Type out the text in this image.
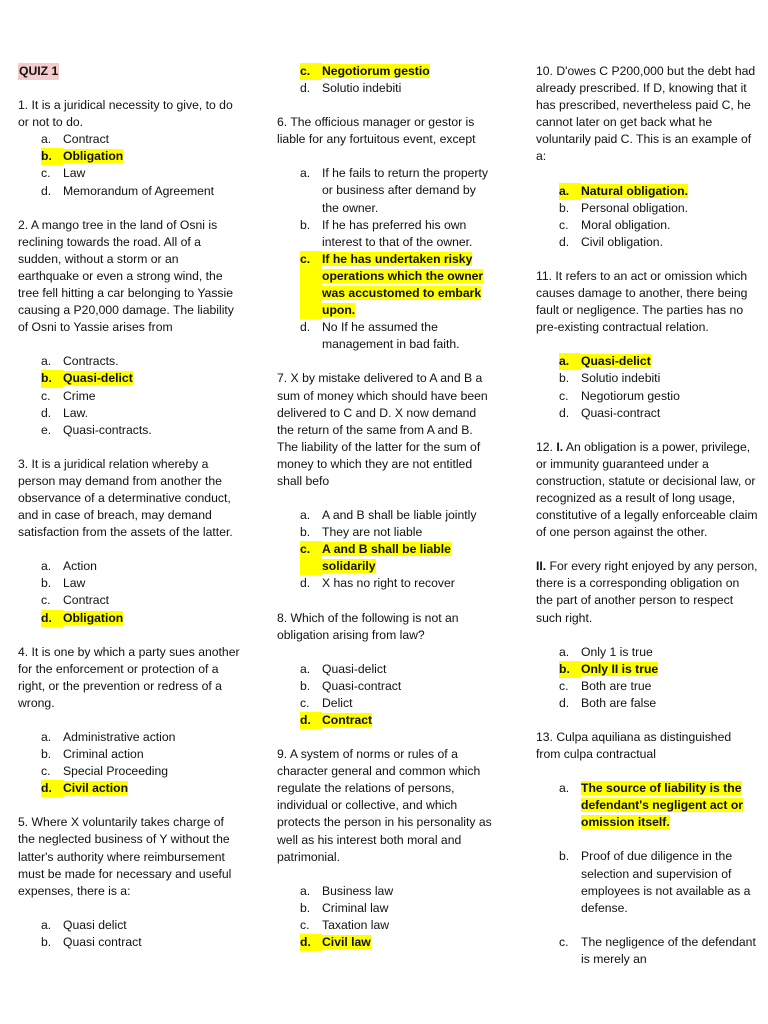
QUIZ 1

1. It is a juridical necessity to give, to do or not to do.

a. Contract
b. Obligation
c.	Law
d. Memorandum of Agreement

2. A mango tree in the land of Osni is reclining towards the road. All of a sudden, without a storm or an earthquake or even a strong wind, the tree fell hitting a car belonging to Yassie causing a P20,000 damage. The liability of Osni to Yassie arises from

a. Contracts.
b. Quasi-delict
c.	Crime
d. Law.
e. Quasi-contracts.

3. It is a juridical relation whereby a person may demand from another the observance of a determinative conduct, and in case of breach, may demand satisfaction from the assets of the latter.

a. Action
b. Law
c.	Contract
d. Obligation

4. It is one by which a party sues another for the enforcement or protection of a right, or the prevention or redress of a wrong.

a. Administrative action
b. Criminal action
c.	Special Proceeding
d. Civil action

5. Where X voluntarily takes charge of the neglected business of Y without the latter's authority where reimbursement must be made for necessary and useful expenses, there is a:

a. Quasi delict
b. Quasi contract
c. Negotiorum gestio
d. Solutio indebiti

6. The officious manager or gestor is liable for any fortuitous event, except

a. If he fails to return the property or business after demand by the owner.
b. If he has preferred his own interest to that of the owner.
c. If he has undertaken risky operations which the owner was accustomed to embark upon.
d. No If he assumed the management in bad faith.

7. X by mistake delivered to A and B a sum of money which should have been delivered to C and D. X now demand the return of the same from A and B. The liability of the latter for the sum of money to which they are not entitled shall befo

a. A and B shall be liable jointly
b. They are not liable
c. A and B shall be liable solidarily
d. X has no right to recover

8. Which of the following is not an obligation arising from law?

a. Quasi-delict
b. Quasi-contract
c.	Delict
d. Contract

9. A system of norms or rules of a character general and common which regulate the relations of persons, individual or collective, and which protects the person in his personality as well as his interest both moral and patrimonial.

a. Business law
b. Criminal law
c.	Taxation law
d. Civil law

10. D'owes C P200,000 but the debt had already prescribed. If D, knowing that it has prescribed, nevertheless paid C, he cannot later on get back what he voluntarily paid C. This is an example of a:

a. Natural obligation.
b. Personal obligation.
c.	Moral obligation.
d. Civil obligation.

11. It refers to an act or omission which causes damage to another, there being fault or negligence. The parties has no pre-existing contractual relation.

a. Quasi-delict
b. Solutio indebiti
c.	Negotiorum gestio
d. Quasi-contract

12. I. An obligation is a power, privilege, or immunity guaranteed under a construction, statute or decisional law, or recognized as a result of long usage, constitutive of a legally enforceable claim of one person against the other.

II. For every right enjoyed by any person, there is a corresponding obligation on the part of another person to respect such right.

a. Only 1 is true
b. Only II is true
c.	Both are true
d. Both are false

13. Culpa aquiliana as distinguished from culpa contractual

a. The source of liability is the defendant's negligent act or omission itself.
b. Proof of due diligence in the selection and supervision of employees is not available as a defense.
c.	The negligence of the defendant is merely an
